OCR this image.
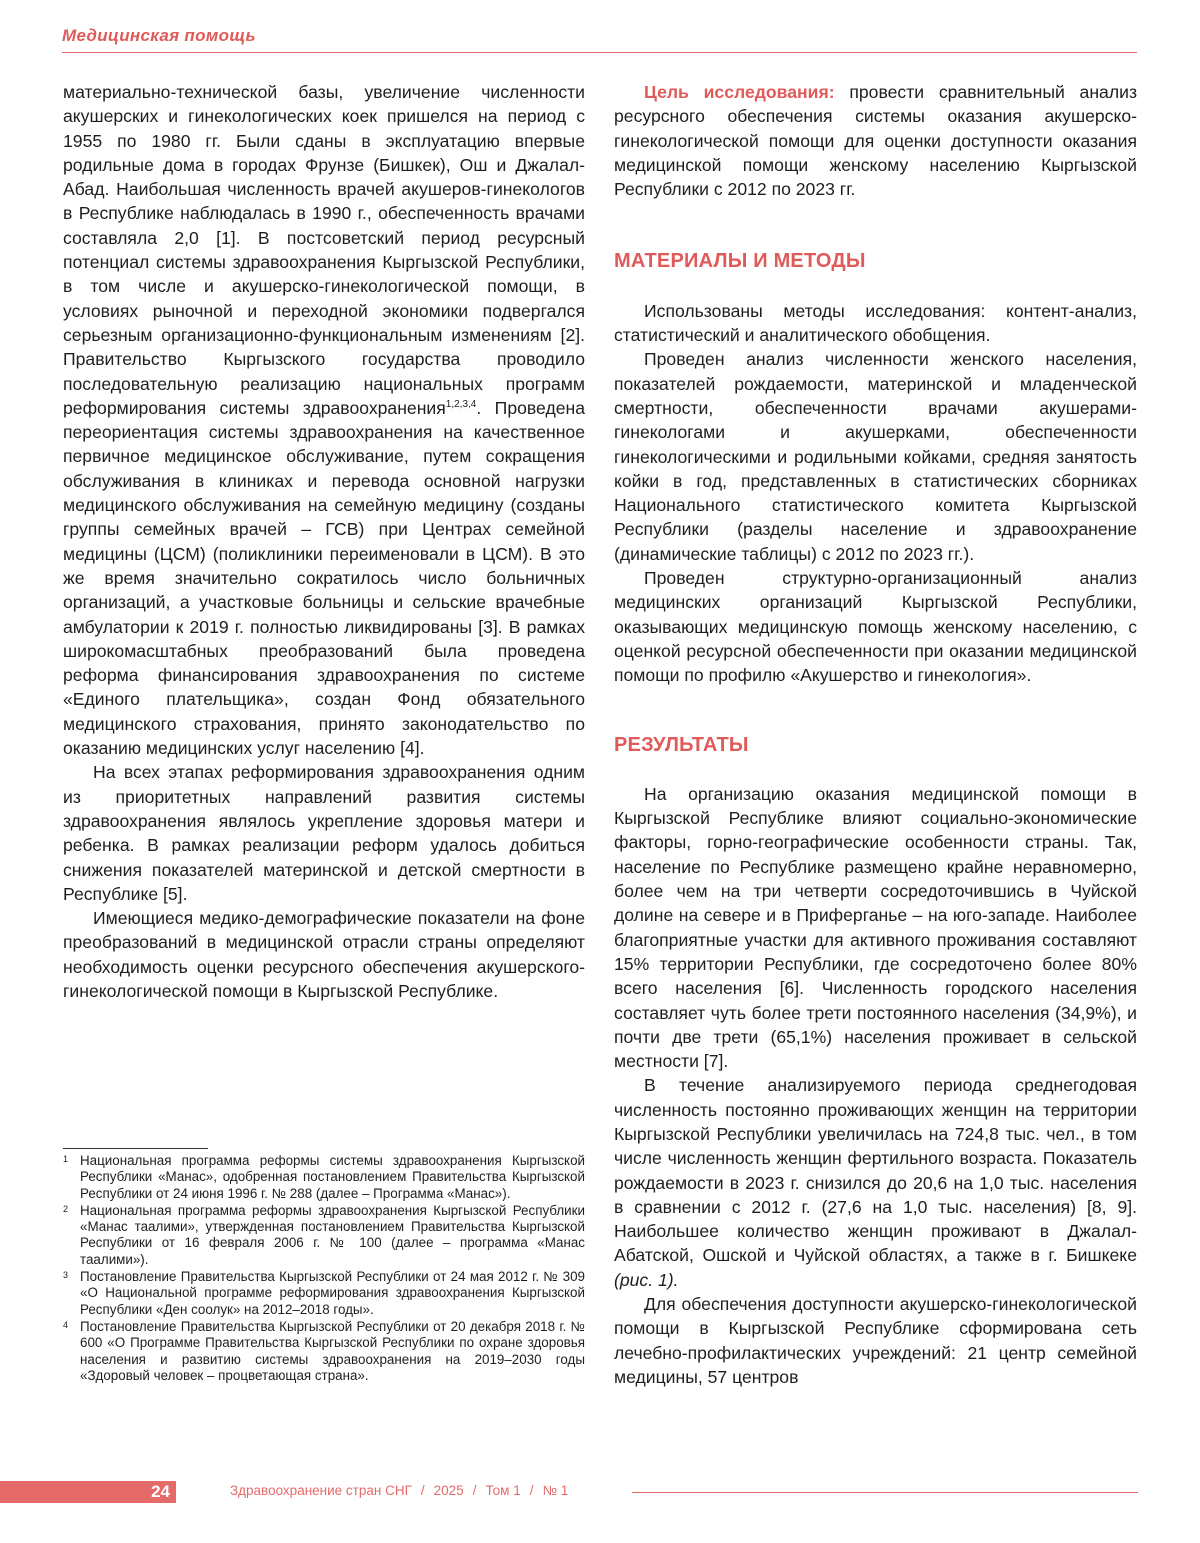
Медицинская помощь

материально-технической базы, увеличение численности акушерских и гинекологических коек пришелся на период с 1955 по 1980 гг. Были сданы в эксплуатацию впервые родильные дома в городах Фрунзе (Бишкек), Ош и Джалал-Абад. Наибольшая численность врачей акушеров-гинекологов в Республике наблюдалась в 1990 г., обеспеченность врачами составляла 2,0 [1]. В постсоветский период ресурсный потенциал системы здравоохранения Кыргызской Республики, в том числе и акушерско-гинекологической помощи, в условиях рыночной и переходной экономики подвергался серьезным организационно-функциональным изменениям [2]. Правительство Кыргызского государства проводило последовательную реализацию национальных программ реформирования системы здравоохранения$^{1,2,3,4}$. Проведена переориентация системы здравоохранения на качественное первичное медицинское обслуживание, путем сокращения обслуживания в клиниках и перевода основной нагрузки медицинского обслуживания на семейную медицину (созданы группы семейных врачей – ГСВ) при Центрах семейной медицины (ЦСМ) (поликлиники переименовали в ЦСМ). В это же время значительно сократилось число больничных организаций, а участковые больницы и сельские врачебные амбулатории к 2019 г. полностью ликвидированы [3]. В рамках широкомасштабных преобразований была проведена реформа финансирования здравоохранения по системе «Единого плательщика», создан Фонд обязательного медицинского страхования, принято законодательство по оказанию медицинских услуг населению [4].

На всех этапах реформирования здравоохранения одним из приоритетных направлений развития системы здравоохранения являлось укрепление здоровья матери и ребенка. В рамках реализации реформ удалось добиться снижения показателей материнской и детской смертности в Республике [5].

Имеющиеся медико-демографические показатели на фоне преобразований в медицинской отрасли страны определяют необходимость оценки ресурсного обеспечения акушерского-гинекологической помощи в Кыргызской Республике.

1 Национальная программа реформы системы здравоохранения Кыргызской Республики «Манас», одобренная постановлением Правительства Кыргызской Республики от 24 июня 1996 г. № 288 (далее – Программа «Манас»).
2 Национальная программа реформы здравоохранения Кыргызской Республики «Манас таалими», утвержденная постановлением Правительства Кыргызской Республики от 16 февраля 2006 г. № 100 (далее – программа «Манас таалими»).
3 Постановление Правительства Кыргызской Республики от 24 мая 2012 г. № 309 «О Национальной программе реформирования здравоохранения Кыргызской Республики «Ден соолук» на 2012–2018 годы».
4 Постановление Правительства Кыргызской Республики от 20 декабря 2018 г. № 600 «О Программе Правительства Кыргызской Республики по охране здоровья населения и развитию системы здравоохранения на 2019–2030 годы «Здоровый человек – процветающая страна».

Цель исследования: провести сравнительный анализ ресурсного обеспечения системы оказания акушерско-гинекологической помощи для оценки доступности оказания медицинской помощи женскому населению Кыргызской Республики с 2012 по 2023 гг.

МАТЕРИАЛЫ И МЕТОДЫ

Использованы методы исследования: контент-анализ, статистический и аналитического обобщения.

Проведен анализ численности женского населения, показателей рождаемости, материнской и младенческой смертности, обеспеченности врачами акушерами-гинекологами и акушерками, обеспеченности гинекологическими и родильными койками, средняя занятость койки в год, представленных в статистических сборниках Национального статистического комитета Кыргызской Республики (разделы население и здравоохранение (динамические таблицы) с 2012 по 2023 гг.).

Проведен структурно-организационный анализ медицинских организаций Кыргызской Республики, оказывающих медицинскую помощь женскому населению, с оценкой ресурсной обеспеченности при оказании медицинской помощи по профилю «Акушерство и гинекология».

РЕЗУЛЬТАТЫ

На организацию оказания медицинской помощи в Кыргызской Республике влияют социально-экономические факторы, горно-географические особенности страны. Так, население по Республике размещено крайне неравномерно, более чем на три четверти сосредоточившись в Чуйской долине на севере и в Приферганье – на юго-западе. Наиболее благоприятные участки для активного проживания составляют 15% территории Республики, где сосредоточено более 80% всего населения [6]. Численность городского населения составляет чуть более трети постоянного населения (34,9%), и почти две трети (65,1%) населения проживает в сельской местности [7].

В течение анализируемого периода среднегодовая численность постоянно проживающих женщин на территории Кыргызской Республики увеличилась на 724,8 тыс. чел., в том числе численность женщин фертильного возраста. Показатель рождаемости в 2023 г. снизился до 20,6 на 1,0 тыс. населения в сравнении с 2012 г. (27,6 на 1,0 тыс. населения) [8, 9]. Наибольшее количество женщин проживают в Джалал-Абатской, Ошской и Чуйской областях, а также в г. Бишкеке (рис. 1).

Для обеспечения доступности акушерско-гинекологической помощи в Кыргызской Республике сформирована сеть лечебно-профилактических учреждений: 21 центр семейной медицины, 57 центров

24	Здравоохранение стран СНГ / 2025 / Том 1 / № 1
